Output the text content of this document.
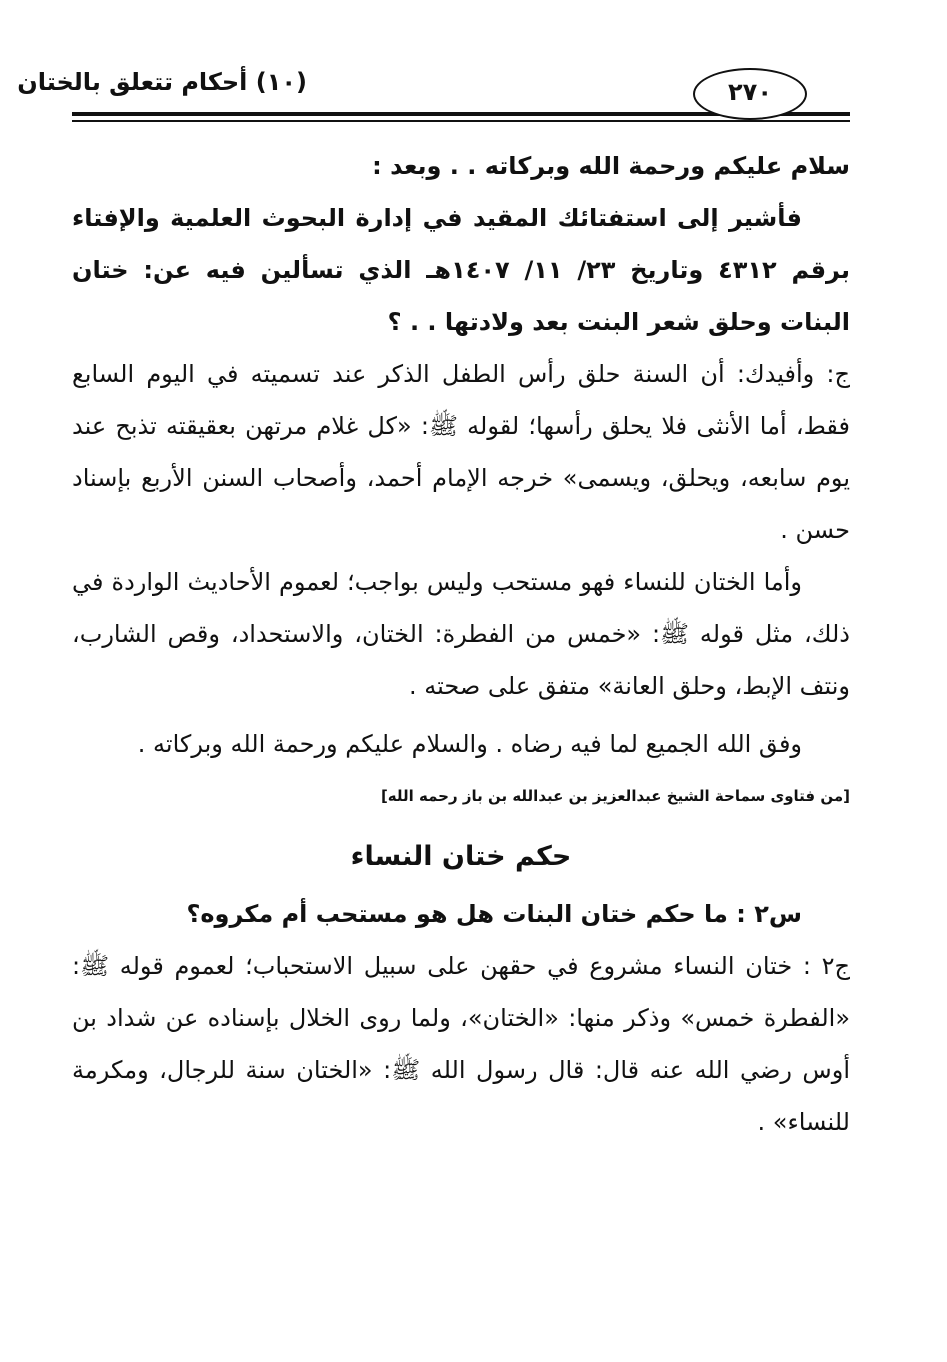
٢٧٠
(١٠) أحكام تتعلق بالختان

سلام عليكم ورحمة الله وبركاته . . وبعد :

فأشير إلى استفتائك المقيد في إدارة البحوث العلمية والإفتاء برقم ٤٣١٢ وتاريخ ٢٣/ ١١/ ١٤٠٧هـ الذي تسألين فيه عن: ختان البنات وحلق شعر البنت بعد ولادتها . . ؟

ج: وأفيدك: أن السنة حلق رأس الطفل الذكر عند تسميته في اليوم السابع فقط، أما الأنثى فلا يحلق رأسها؛ لقوله ﷺ: «كل غلام مرتهن بعقيقته تذبح عند يوم سابعه، ويحلق، ويسمى» خرجه الإمام أحمد، وأصحاب السنن الأربع بإسناد حسن .

وأما الختان للنساء فهو مستحب وليس بواجب؛ لعموم الأحاديث الواردة في ذلك، مثل قوله ﷺ: «خمس من الفطرة: الختان، والاستحداد، وقص الشارب، ونتف الإبط، وحلق العانة» متفق على صحته .

وفق الله الجميع لما فيه رضاه . والسلام عليكم ورحمة الله وبركاته .

[من فتاوى سماحة الشيخ عبدالعزيز بن عبدالله بن باز رحمه الله]

حكم ختان النساء

س٢ : ما حكم ختان البنات هل هو مستحب أم مكروه؟

ج٢ : ختان النساء مشروع في حقهن على سبيل الاستحباب؛ لعموم قوله ﷺ: «الفطرة خمس» وذكر منها: «الختان»، ولما روى الخلال بإسناده عن شداد بن أوس رضي الله عنه قال: قال رسول الله ﷺ: «الختان سنة للرجال، ومكرمة للنساء» .
